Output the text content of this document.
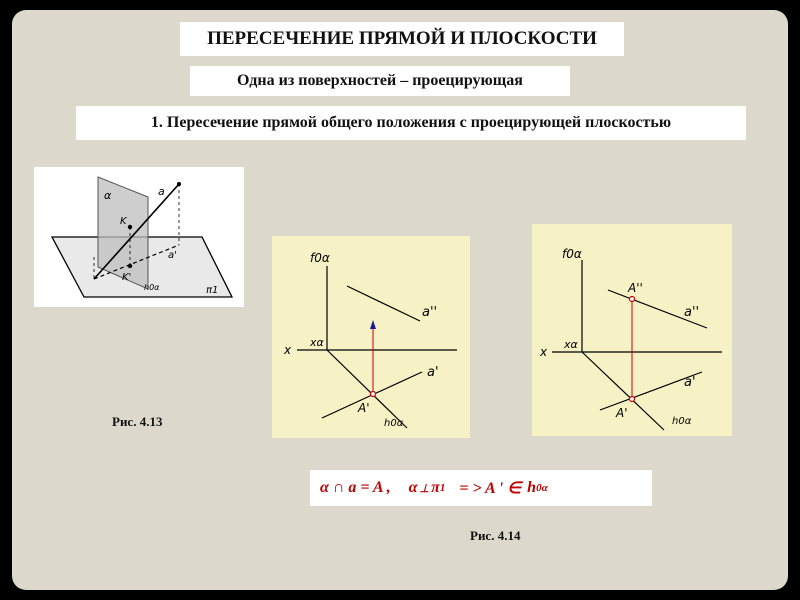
ПЕРЕСЕЧЕНИЕ ПРЯМОЙ И ПЛОСКОСТИ
Одна из поверхностей – проецирующая
1. Пересечение прямой общего положения с проецирующей плоскостью
α	a
K
a'
K'
h0α	π1
f0α
x
xα
a''
a'
A'
h0α
f0α
x
xα
A''
a''
a'
A'
h0α
Рис. 4.13
Рис. 4.14
α ∩ a = A , α ⊥ π 1 = > A ' ∈ h 0α
